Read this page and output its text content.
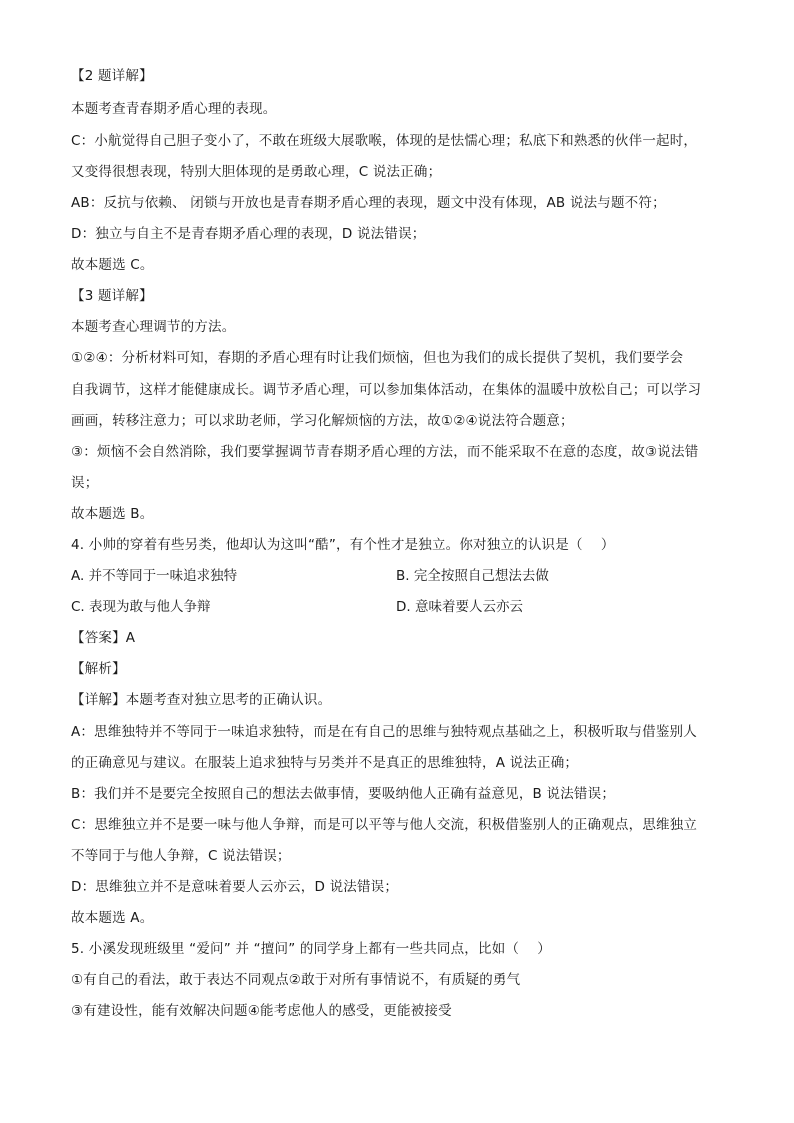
【2 题详解】
本题考查青春期矛盾心理的表现。
C：小航觉得自己胆子变小了，不敢在班级大展歌喉，体现的是怯懦心理；私底下和熟悉的伙伴一起时，
又变得很想表现，特别大胆体现的是勇敢心理，C 说法正确；
AB：反抗与依赖、 闭锁与开放也是青春期矛盾心理的表现，题文中没有体现，AB 说法与题不符；
D：独立与自主不是青春期矛盾心理的表现，D 说法错误；
故本题选 C。
【3 题详解】
本题考查心理调节的方法。
①②④：分析材料可知，春期的矛盾心理有时让我们烦恼，但也为我们的成长提供了契机，我们要学会
自我调节，这样才能健康成长。调节矛盾心理，可以参加集体活动，在集体的温暖中放松自己；可以学习
画画，转移注意力；可以求助老师，学习化解烦恼的方法，故①②④说法符合题意；
③：烦恼不会自然消除，我们要掌握调节青春期矛盾心理的方法，而不能采取不在意的态度，故③说法错
误；
故本题选 B。
4. 小帅的穿着有些另类，他却认为这叫“酷”，有个性才是独立。你对独立的认识是（　 ）
A. 并不等同于一味追求独特	B. 完全按照自己想法去做
C. 表现为敢与他人争辩	D. 意味着要人云亦云
【答案】A
【解析】
【详解】本题考查对独立思考的正确认识。
A：思维独特并不等同于一味追求独特，而是在有自己的思维与独特观点基础之上，积极听取与借鉴别人
的正确意见与建议。在服装上追求独特与另类并不是真正的思维独特，A 说法正确；
B：我们并不是要完全按照自己的想法去做事情，要吸纳他人正确有益意见，B 说法错误；
C：思维独立并不是要一味与他人争辩，而是可以平等与他人交流，积极借鉴别人的正确观点，思维独立
不等同于与他人争辩，C 说法错误；
D：思维独立并不是意味着要人云亦云，D 说法错误；
故本题选 A。
5. 小溪发现班级里 “爱问” 并 “擅问” 的同学身上都有一些共同点，比如（　 ）
①有自己的看法，敢于表达不同观点②敢于对所有事情说不，有质疑的勇气
③有建设性，能有效解决问题④能考虑他人的感受，更能被接受
